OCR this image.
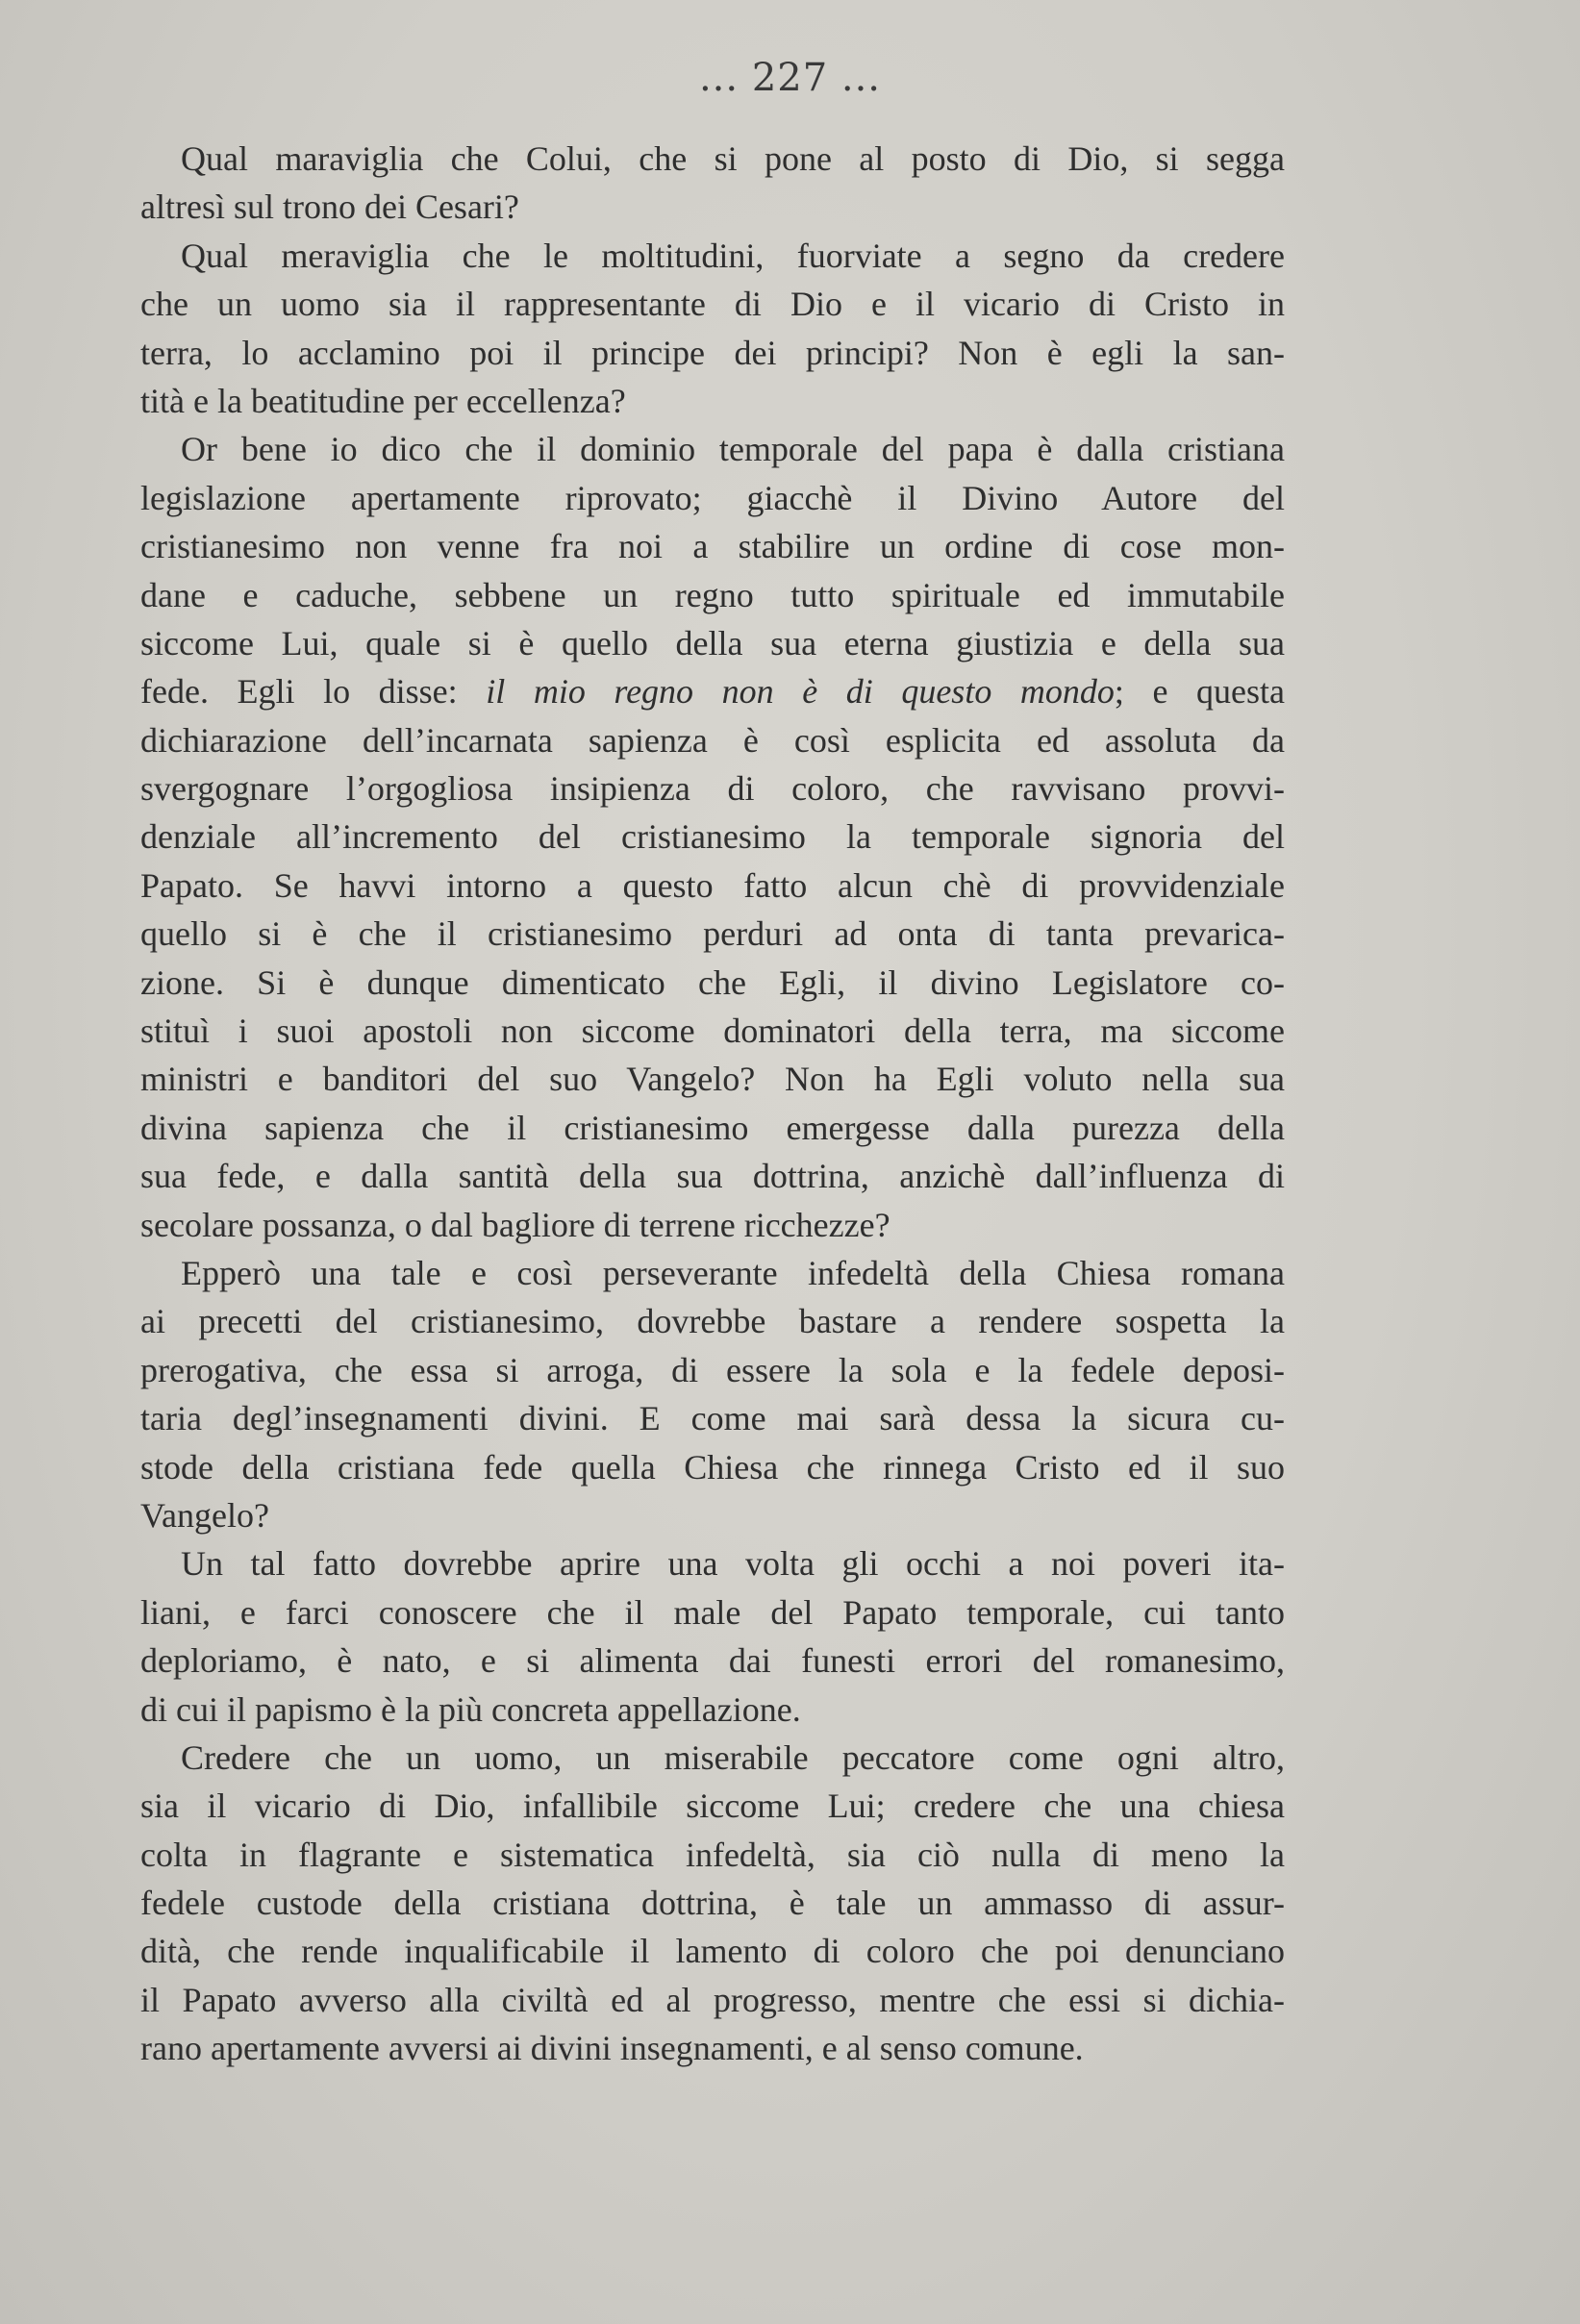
... 227 ...
Qual maraviglia che Colui, che si pone al posto di Dio, si segga
altresì sul trono dei Cesari?
Qual meraviglia che le moltitudini, fuorviate a segno da credere
che un uomo sia il rappresentante di Dio e il vicario di Cristo in
terra, lo acclamino poi il principe dei principi? Non è egli la san-
tità e la beatitudine per eccellenza?
Or bene io dico che il dominio temporale del papa è dalla cristiana
legislazione apertamente riprovato; giacchè il Divino Autore del
cristianesimo non venne fra noi a stabilire un ordine di cose mon-
dane e caduche, sebbene un regno tutto spirituale ed immutabile
siccome Lui, quale si è quello della sua eterna giustizia e della sua
fede. Egli lo disse: il mio regno non è di questo mondo; e questa
dichiarazione dell’incarnata sapienza è così esplicita ed assoluta da
svergognare l’orgogliosa insipienza di coloro, che ravvisano provvi-
denziale all’incremento del cristianesimo la temporale signoria del
Papato. Se havvi intorno a questo fatto alcun chè di provvidenziale
quello si è che il cristianesimo perduri ad onta di tanta prevarica-
zione. Si è dunque dimenticato che Egli, il divino Legislatore co-
stituì i suoi apostoli non siccome dominatori della terra, ma siccome
ministri e banditori del suo Vangelo? Non ha Egli voluto nella sua
divina sapienza che il cristianesimo emergesse dalla purezza della
sua fede, e dalla santità della sua dottrina, anzichè dall’influenza di
secolare possanza, o dal bagliore di terrene ricchezze?
Epperò una tale e così perseverante infedeltà della Chiesa romana
ai precetti del cristianesimo, dovrebbe bastare a rendere sospetta la
prerogativa, che essa si arroga, di essere la sola e la fedele deposi-
taria degl’insegnamenti divini. E come mai sarà dessa la sicura cu-
stode della cristiana fede quella Chiesa che rinnega Cristo ed il suo
Vangelo?
Un tal fatto dovrebbe aprire una volta gli occhi a noi poveri ita-
liani, e farci conoscere che il male del Papato temporale, cui tanto
deploriamo, è nato, e si alimenta dai funesti errori del romanesimo,
di cui il papismo è la più concreta appellazione.
Credere che un uomo, un miserabile peccatore come ogni altro,
sia il vicario di Dio, infallibile siccome Lui; credere che una chiesa
colta in flagrante e sistematica infedeltà, sia ciò nulla di meno la
fedele custode della cristiana dottrina, è tale un ammasso di assur-
dità, che rende inqualificabile il lamento di coloro che poi denunciano
il Papato avverso alla civiltà ed al progresso, mentre che essi si dichia-
rano apertamente avversi ai divini insegnamenti, e al senso comune.
